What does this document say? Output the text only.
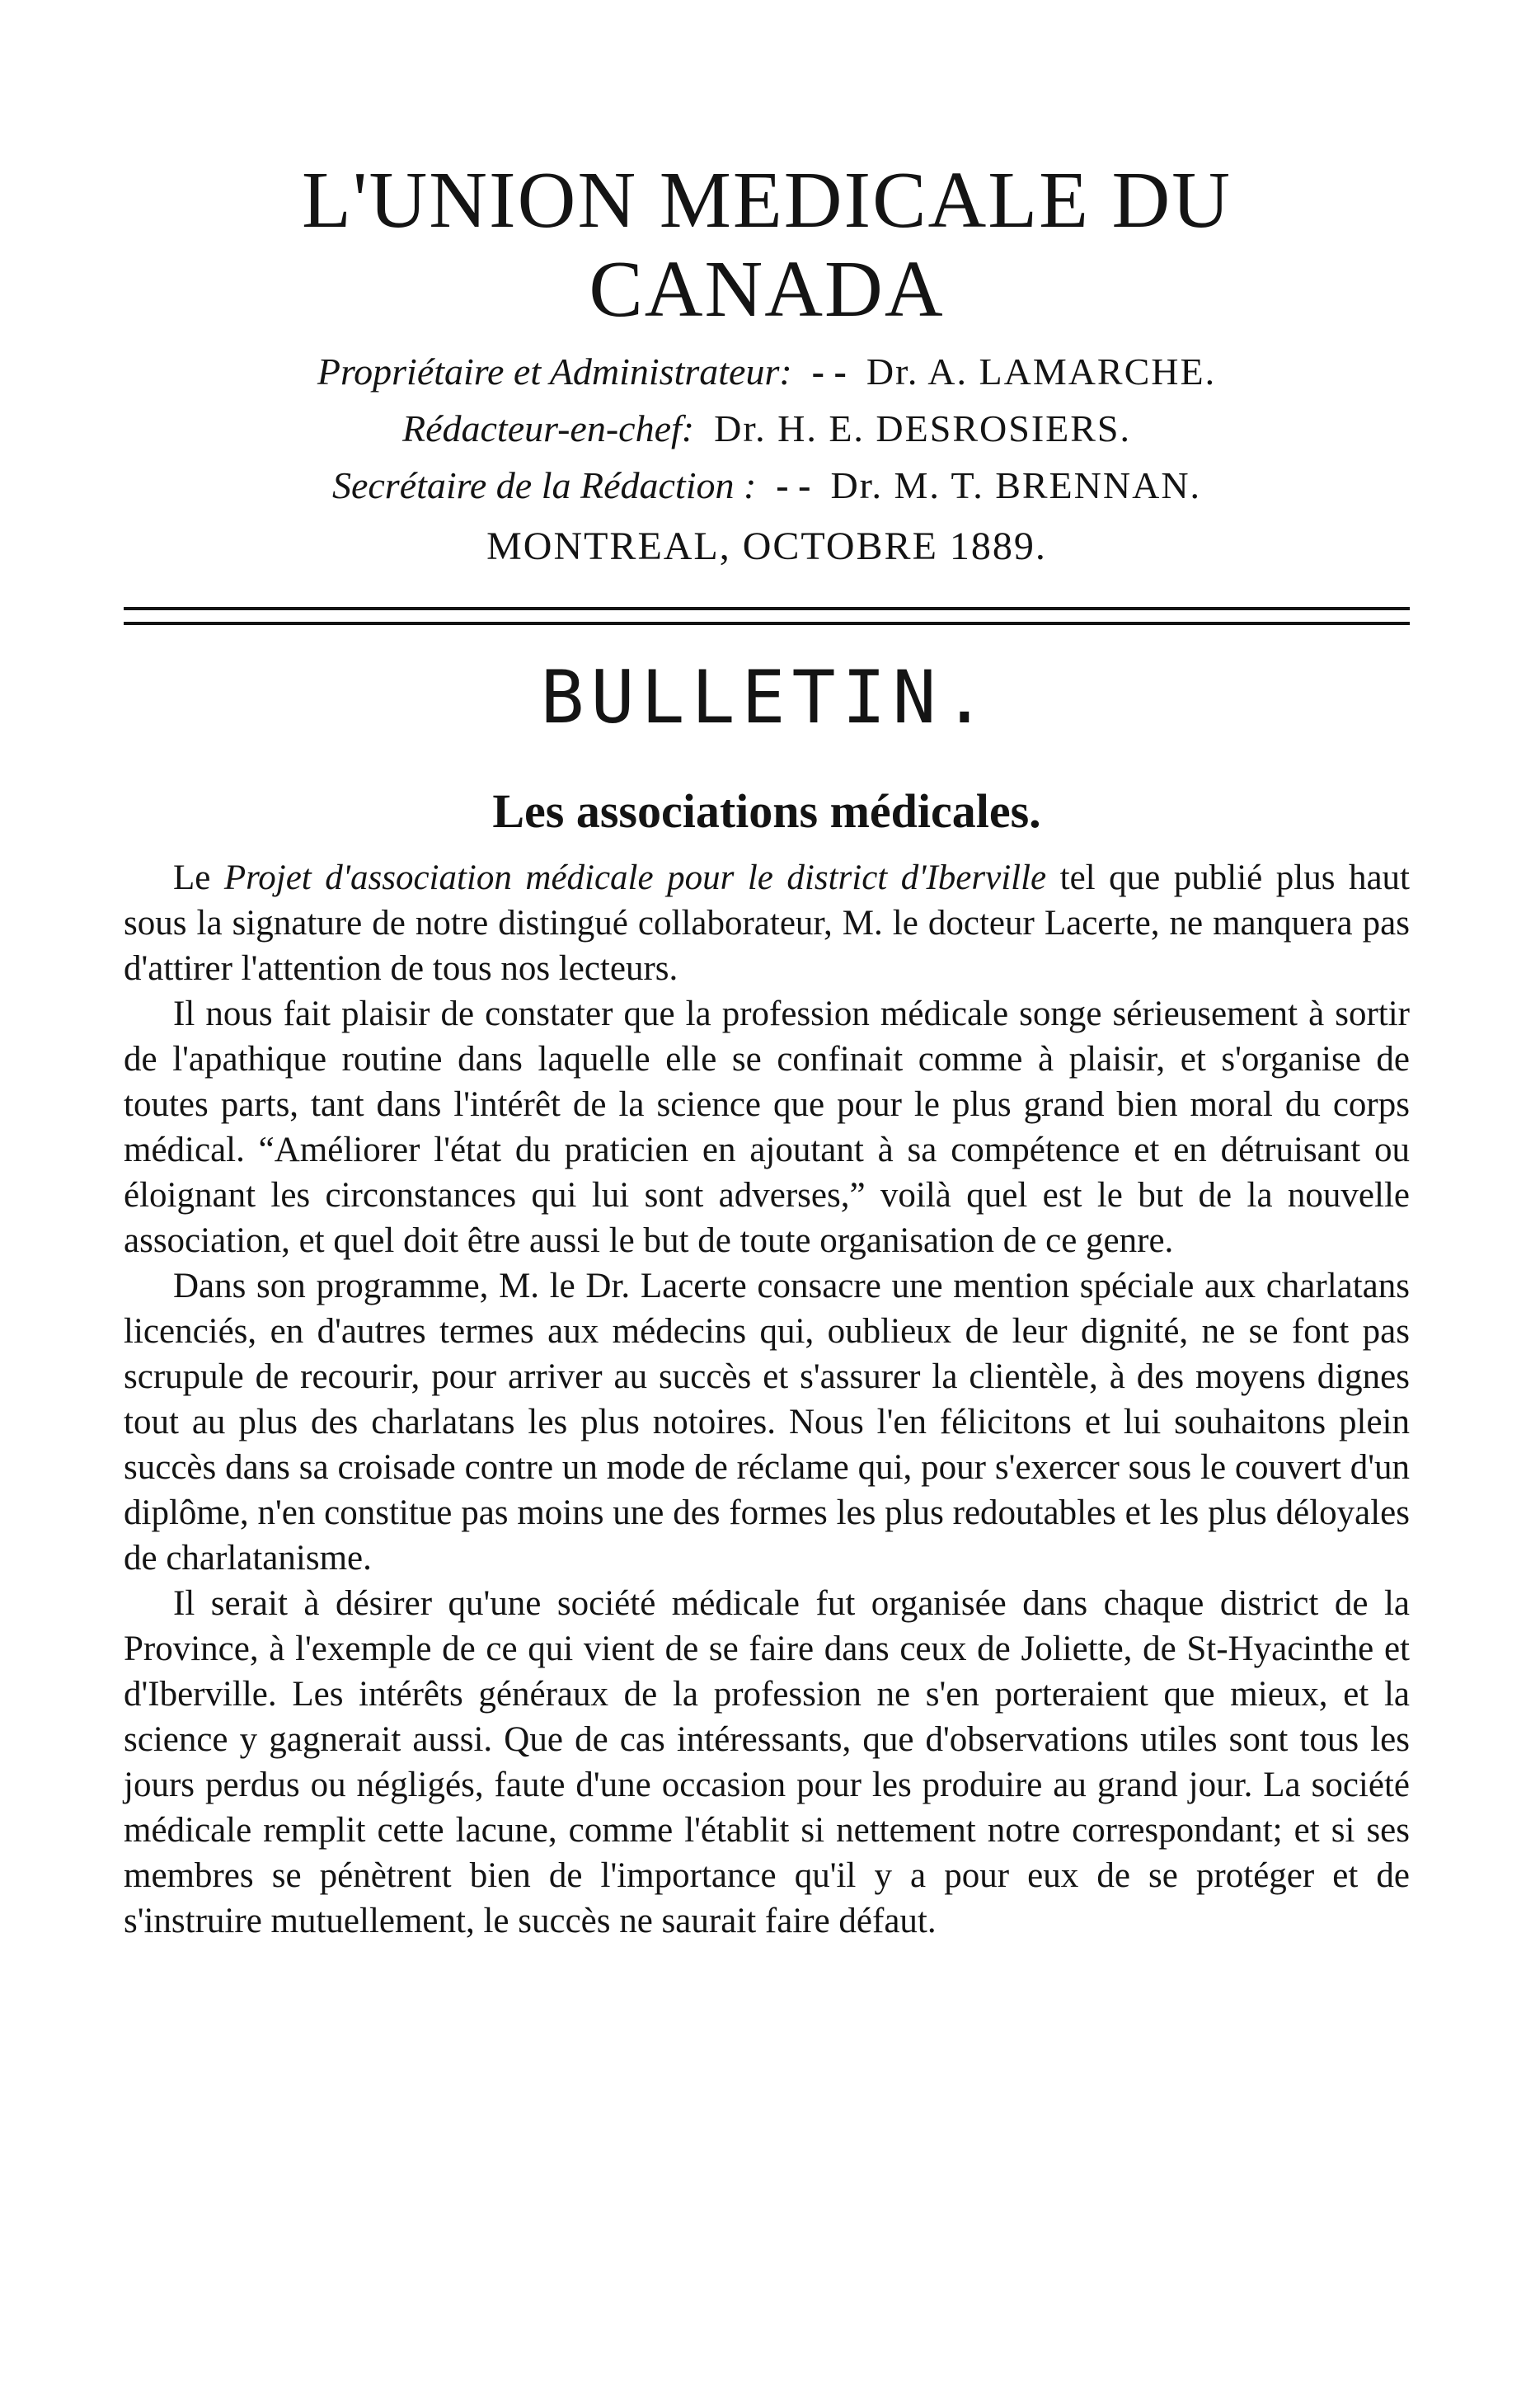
L'UNION MEDICALE DU CANADA
Propriétaire et Administrateur: - - Dr. A. LAMARCHE.
Rédacteur-en-chef: Dr. H. E. DESROSIERS.
Secrétaire de la Rédaction : - - Dr. M. T. BRENNAN.
MONTREAL, OCTOBRE 1889.
BULLETIN.
Les associations médicales.

Le Projet d'association médicale pour le district d'Iberville tel que publié plus haut sous la signature de notre distingué collaborateur, M. le docteur Lacerte, ne manquera pas d'attirer l'attention de tous nos lecteurs.

Il nous fait plaisir de constater que la profession médicale songe sérieusement à sortir de l'apathique routine dans laquelle elle se confinait comme à plaisir, et s'organise de toutes parts, tant dans l'intérêt de la science que pour le plus grand bien moral du corps médical. “Améliorer l'état du praticien en ajoutant à sa compétence et en détruisant ou éloignant les circonstances qui lui sont adverses,” voilà quel est le but de la nouvelle association, et quel doit être aussi le but de toute organisation de ce genre.

Dans son programme, M. le Dr. Lacerte consacre une mention spéciale aux charlatans licenciés, en d'autres termes aux médecins qui, oublieux de leur dignité, ne se font pas scrupule de recourir, pour arriver au succès et s'assurer la clientèle, à des moyens dignes tout au plus des charlatans les plus notoires. Nous l'en félicitons et lui souhaitons plein succès dans sa croisade contre un mode de réclame qui, pour s'exercer sous le couvert d'un diplôme, n'en constitue pas moins une des formes les plus redoutables et les plus déloyales de charlatanisme.

Il serait à désirer qu'une société médicale fut organisée dans chaque district de la Province, à l'exemple de ce qui vient de se faire dans ceux de Joliette, de St-Hyacinthe et d'Iberville. Les intérêts généraux de la profession ne s'en porteraient que mieux, et la science y gagnerait aussi. Que de cas intéressants, que d'observations utiles sont tous les jours perdus ou négligés, faute d'une occasion pour les produire au grand jour. La société médicale remplit cette lacune, comme l'établit si nettement notre correspondant; et si ses membres se pénètrent bien de l'importance qu'il y a pour eux de se protéger et de s'instruire mutuellement, le succès ne saurait faire défaut.
